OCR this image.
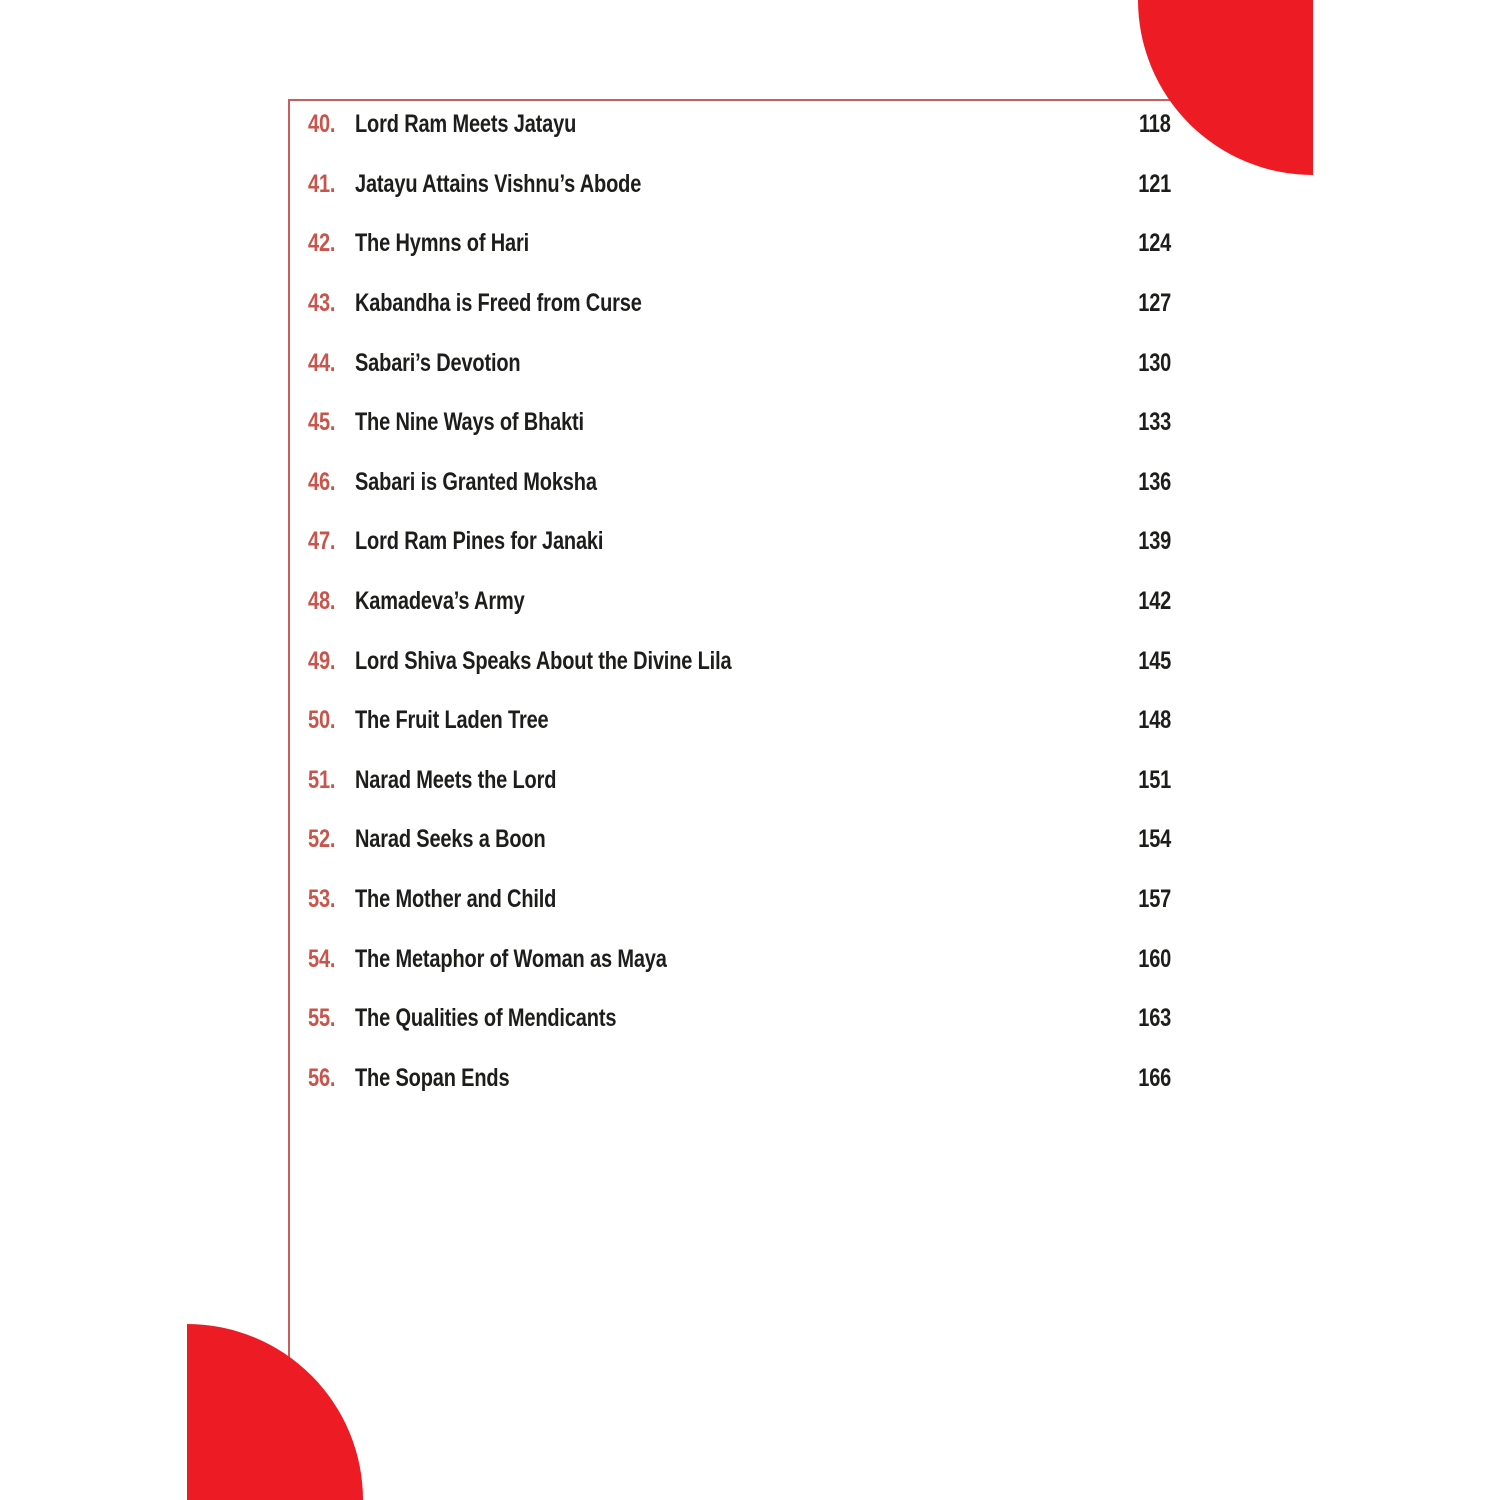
40. Lord Ram Meets Jatayu	118
41. Jatayu Attains Vishnu’s Abode	121
42. The Hymns of Hari	124
43. Kabandha is Freed from Curse	127
44. Sabari’s Devotion	130
45. The Nine Ways of Bhakti	133
46. Sabari is Granted Moksha	136
47. Lord Ram Pines for Janaki	139
48. Kamadeva’s Army	142
49. Lord Shiva Speaks About the Divine Lila	145
50. The Fruit Laden Tree	148
51. Narad Meets the Lord	151
52. Narad Seeks a Boon	154
53. The Mother and Child	157
54. The Metaphor of Woman as Maya	160
55. The Qualities of Mendicants	163
56. The Sopan Ends	166
